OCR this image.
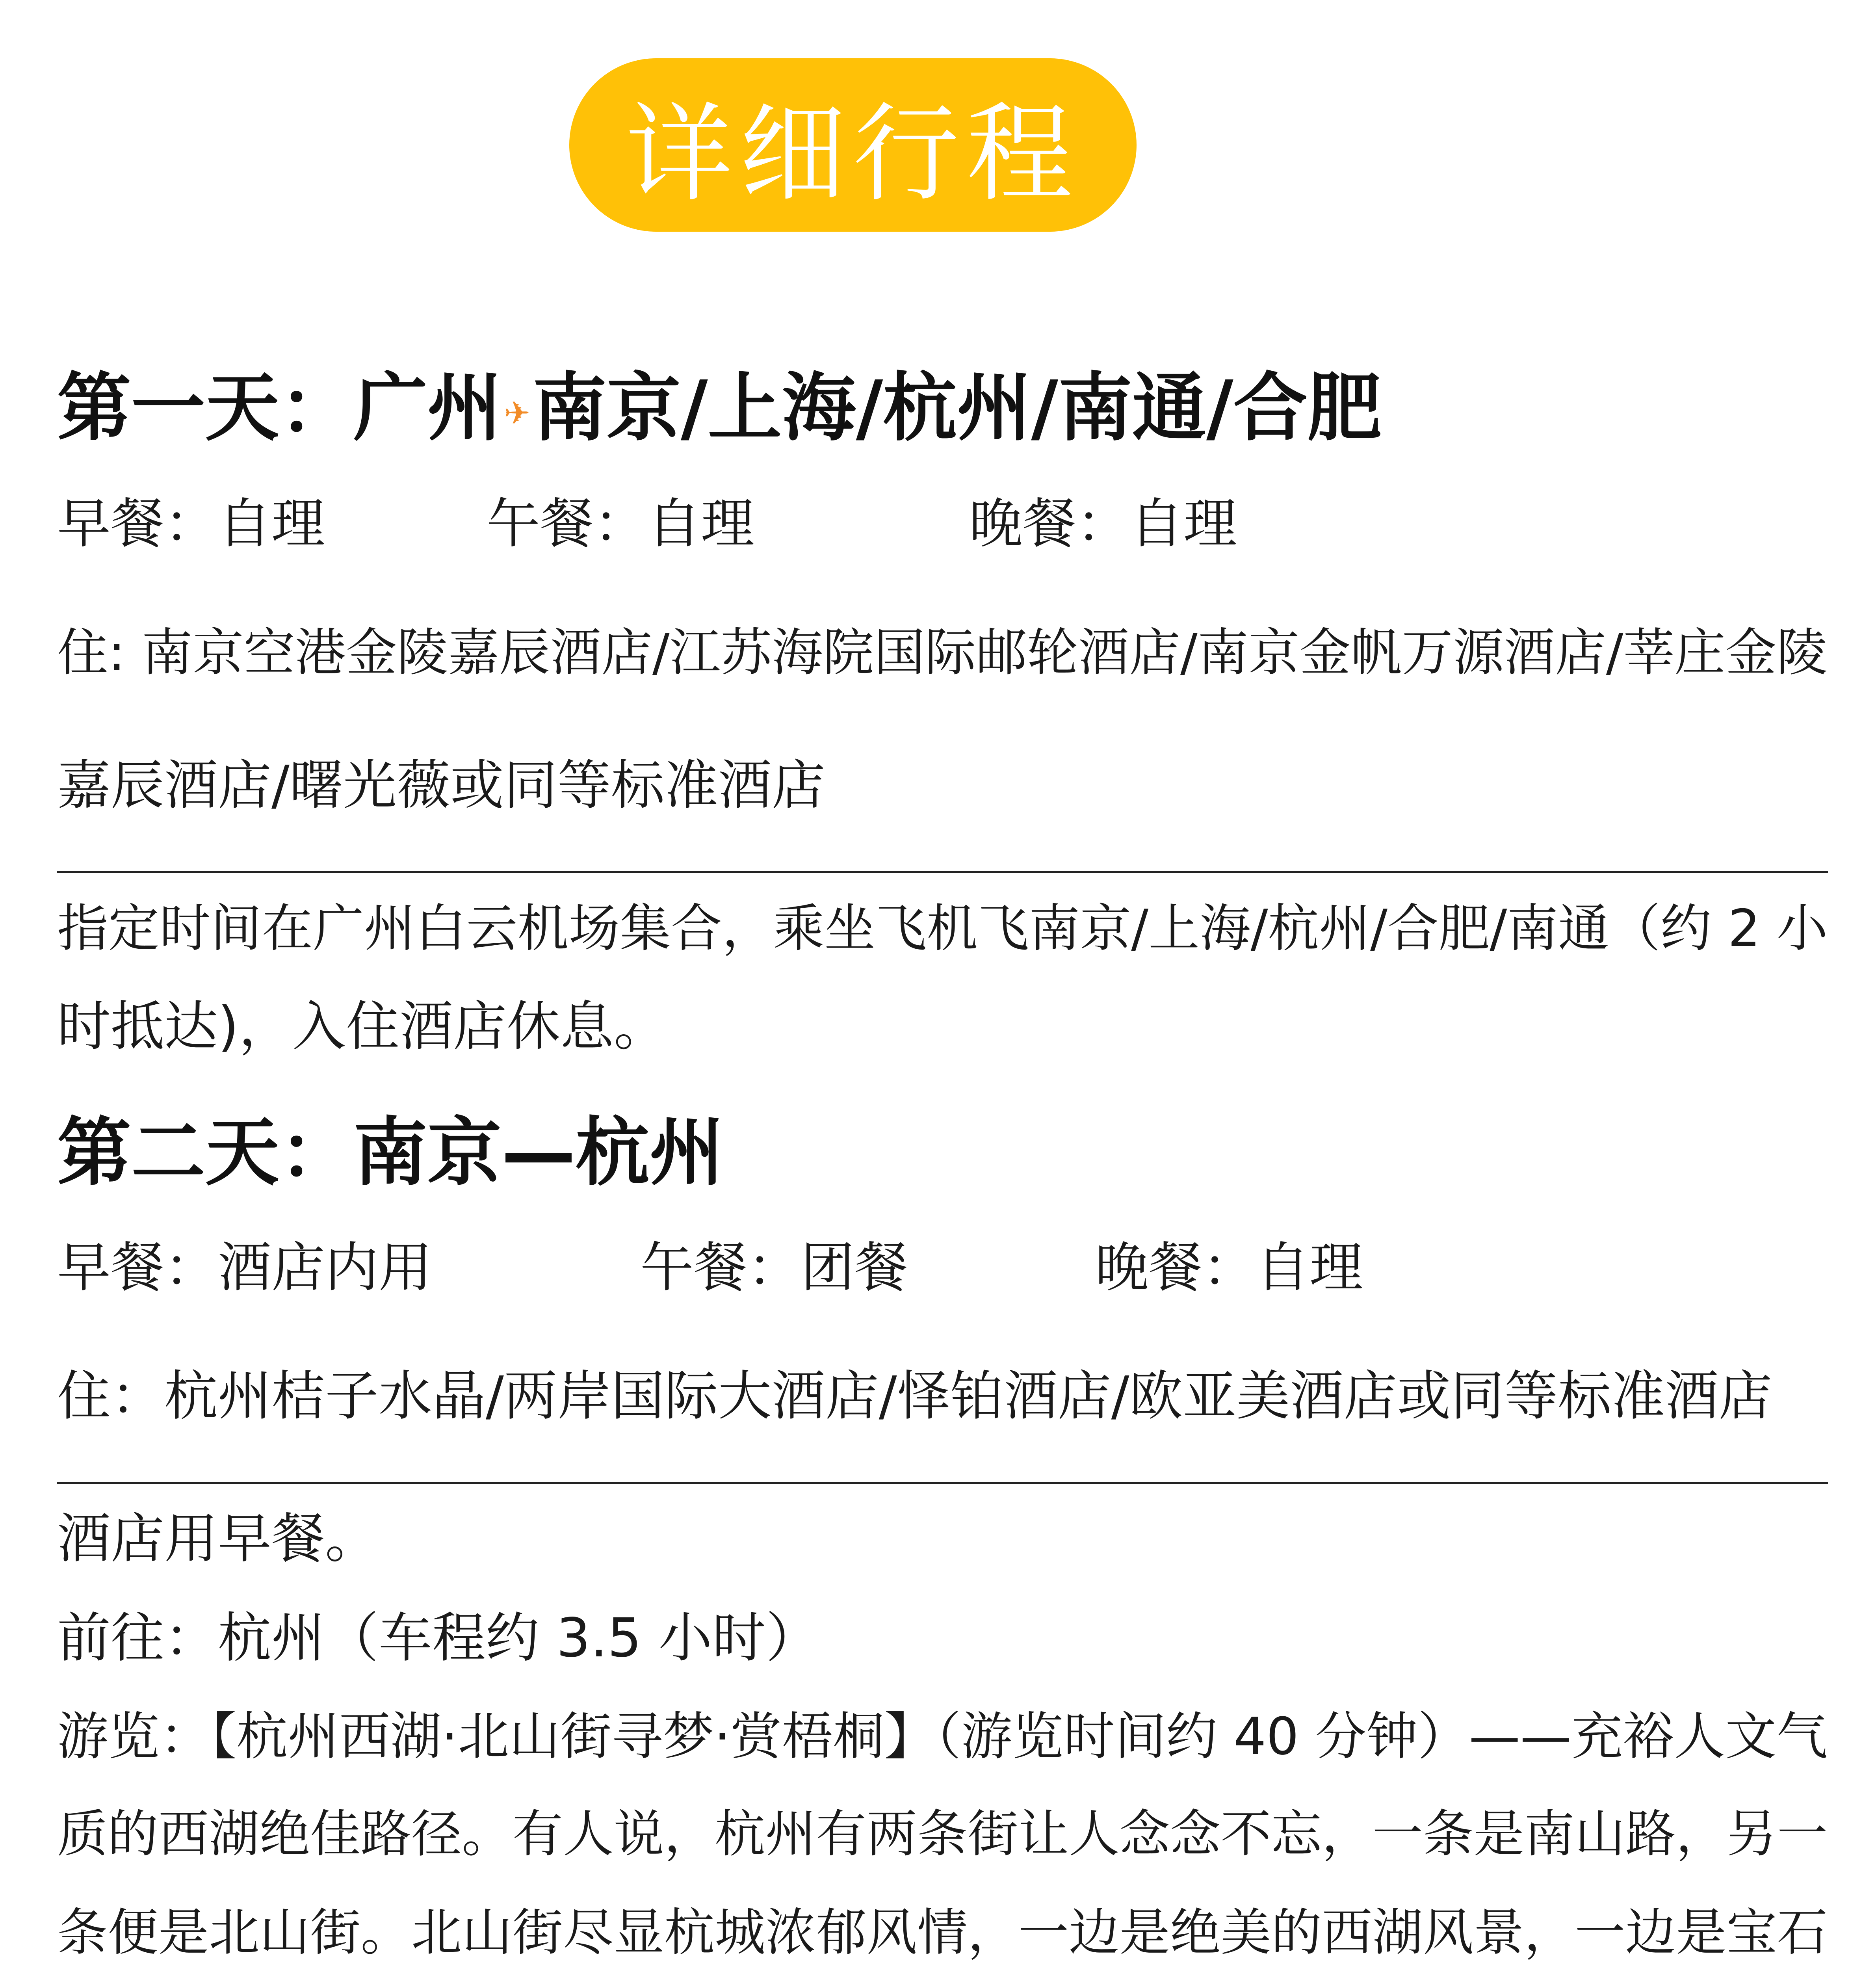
详细行程
第一天：广州✈南京/上海/杭州/南通/合肥
早餐：自理	午餐：自理	晚餐：自理
住: 南京空港金陵嘉辰酒店/江苏海院国际邮轮酒店/南京金帆万源酒店/莘庄金陵
嘉辰酒店/曙光薇或同等标准酒店
指定时间在广州白云机场集合，乘坐飞机飞南京/上海/杭州/合肥/南通（约 2 小
时抵达)，入住酒店休息。
第二天：南京—杭州
早餐：酒店内用	午餐：团餐	晚餐：自理
住：杭州桔子水晶/两岸国际大酒店/怿铂酒店/欧亚美酒店或同等标准酒店
酒店用早餐。
前往：杭州（车程约 3.5 小时）
游览：【杭州西湖·北山街寻梦·赏梧桐】（游览时间约 40 分钟）——充裕人文气
质的西湖绝佳路径。有人说，杭州有两条街让人念念不忘，一条是南山路，另一
条便是北山街。北山街尽显杭城浓郁风情，一边是绝美的西湖风景，一边是宝石
